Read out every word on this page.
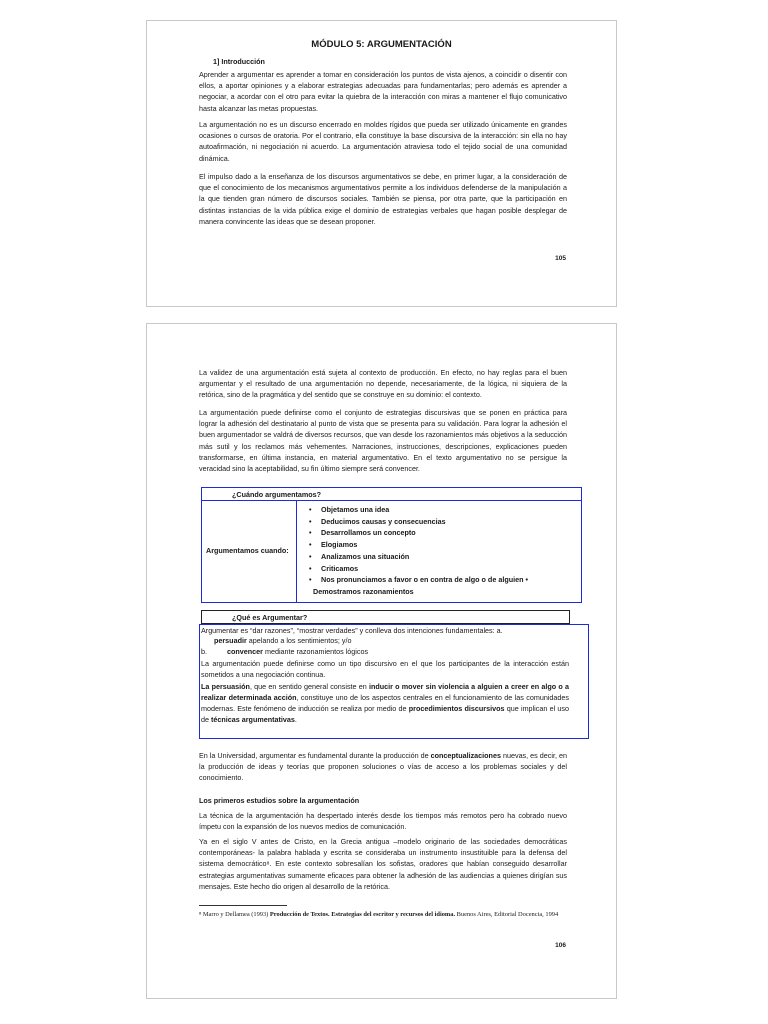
MÓDULO 5: ARGUMENTACIÓN

1] Introducción

Aprender a argumentar es aprender a tomar en consideración los puntos de vista ajenos, a coincidir o disentir con ellos, a aportar opiniones y a elaborar estrategias adecuadas para fundamentarlas; pero además es aprender a negociar, a acordar con el otro para evitar la quiebra de la interacción con miras a mantener el flujo comunicativo hasta alcanzar las metas propuestas.

La argumentación no es un discurso encerrado en moldes rígidos que pueda ser utilizado únicamente en grandes ocasiones o cursos de oratoria. Por el contrario, ella constituye la base discursiva de la interacción: sin ella no hay autoafirmación, ni negociación ni acuerdo. La argumentación atraviesa todo el tejido social de una comunidad dinámica.

El impulso dado a la enseñanza de los discursos argumentativos se debe, en primer lugar, a la consideración de que el conocimiento de los mecanismos argumentativos permite a los individuos defenderse de la manipulación a la que tienden gran número de discursos sociales. También se piensa, por otra parte, que la participación en distintas instancias de la vida pública exige el dominio de estrategias verbales que hagan posible desplegar de manera convincente las ideas que se desean proponer.

105

La validez de una argumentación está sujeta al contexto de producción. En efecto, no hay reglas para el buen argumentar y el resultado de una argumentación no depende, necesariamente, de la lógica, ni siquiera de la retórica, sino de la pragmática y del sentido que se construye en su dominio: el contexto.

La argumentación puede definirse como el conjunto de estrategias discursivas que se ponen en práctica para lograr la adhesión del destinatario al punto de vista que se presenta para su validación. Para lograr la adhesión el buen argumentador se valdrá de diversos recursos, que van desde los razonamientos más objetivos a la seducción más sutil y los reclamos más vehementes. Narraciones, instrucciones, descripciones, explicaciones pueden transformarse, en última instancia, en material argumentativo. En el texto argumentativo no se persigue la veracidad sino la aceptabilidad, su fin último siempre será convencer.

¿Cuándo argumentamos?
Argumentamos cuando:
• Objetamos una idea
• Deducimos causas y consecuencias
• Desarrollamos un concepto
• Elogiamos
• Analizamos una situación
• Criticamos
• Nos pronunciamos a favor o en contra de algo o de alguien •
Demostramos razonamientos
¿Qué es Argumentar?

Argumentar es “dar razones”, “mostrar verdades” y conlleva dos intenciones fundamentales: a.

persuadir apelando a los sentimientos; y/o

b.	convencer mediante razonamientos lógicos

La argumentación puede definirse como un tipo discursivo en el que los participantes de la interacción están sometidos a una negociación continua.

La persuasión, que en sentido general consiste en inducir o mover sin violencia a alguien a creer en algo o a realizar determinada acción, constituye uno de los aspectos centrales en el funcionamiento de las comunidades modernas. Este fenómeno de inducción se realiza por medio de procedimientos discursivos que implican el uso de técnicas argumentativas.

En la Universidad, argumentar es fundamental durante la producción de conceptualizaciones nuevas, es decir, en la producción de ideas y teorías que proponen soluciones o vías de acceso a los problemas sociales y del conocimiento.

Los primeros estudios sobre la argumentación

La técnica de la argumentación ha despertado interés desde los tiempos más remotos pero ha cobrado nuevo ímpetu con la expansión de los nuevos medios de comunicación.

Ya en el siglo V antes de Cristo, en la Grecia antigua –modelo originario de las sociedades democráticas contemporáneas- la palabra hablada y escrita se consideraba un instrumento insustituible para la defensa del sistema democrático⁸. En este contexto sobresalían los sofistas, oradores que habían conseguido desarrollar estrategias argumentativas sumamente eficaces para obtener la adhesión de las audiencias a quienes dirigían sus mensajes. Este hecho dio origen al desarrollo de la retórica.

⁸ Marro y Dellamea (1993) Producción de Textos. Estrategias del escritor y recursos del idioma. Buenos Aires, Editorial Docencia, 1994

106
